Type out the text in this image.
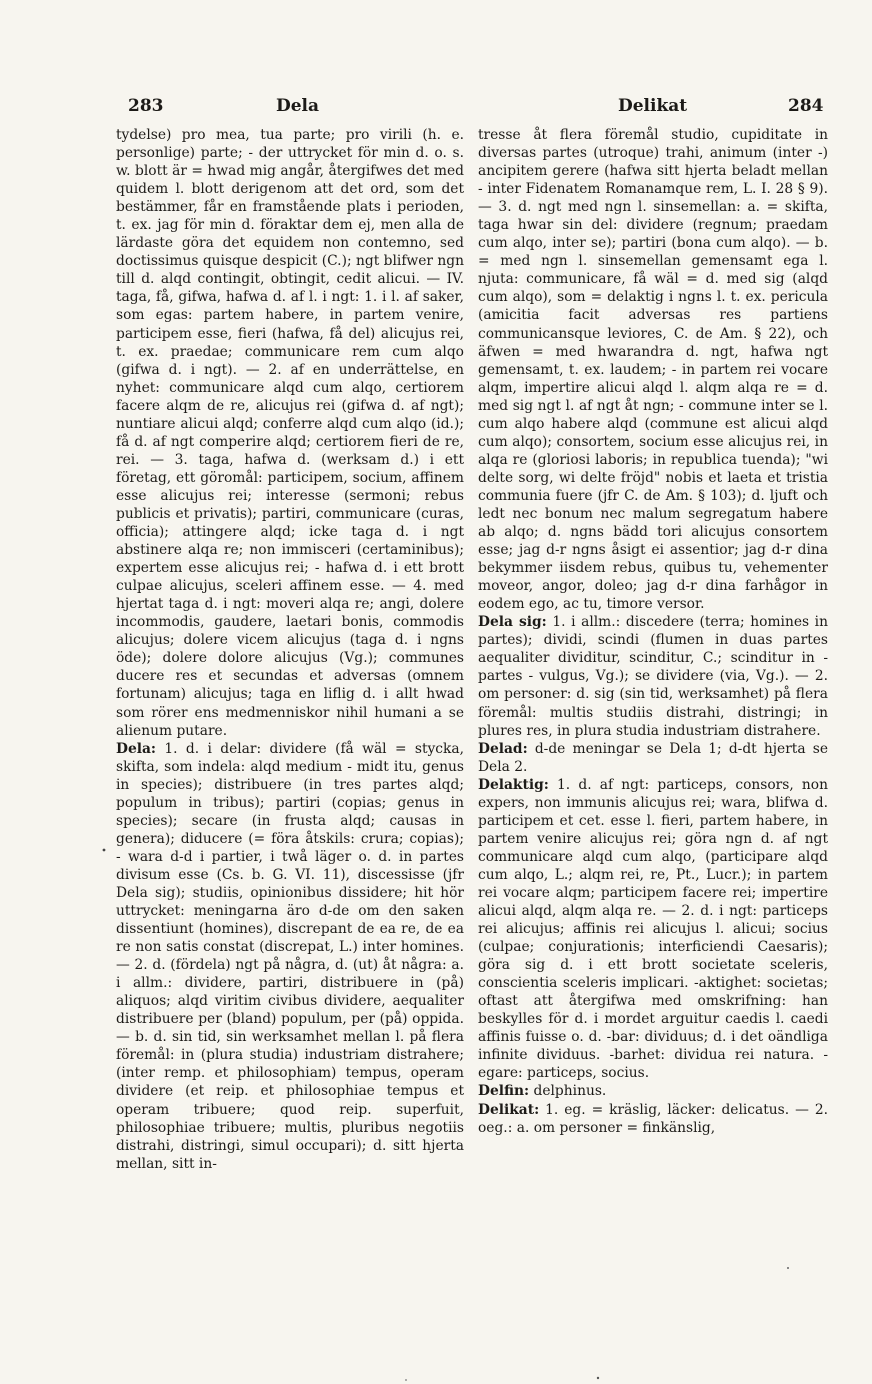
283	Dela	Delikat	284

tydelse) pro mea, tua parte; pro virili (h. e. personlige) parte; - der uttrycket för min d. o. s. w. blott är = hwad mig angår, återgifwes det med quidem l. blott derigenom att det ord, som det bestämmer, får en framstående plats i perioden, t. ex. jag för min d. föraktar dem ej, men alla de lärdaste göra det equidem non contemno, sed doctissimus quisque despicit (C.); ngt blifwer ngn till d. alqd contingit, obtingit, cedit alicui. — IV. taga, få, gifwa, hafwa d. af l. i ngt: 1. i l. af saker, som egas: partem habere, in partem venire, participem esse, fieri (hafwa, få del) alicujus rei, t. ex. praedae; communicare rem cum alqo (gifwa d. i ngt). — 2. af en underrättelse, en nyhet: communicare alqd cum alqo, certiorem facere alqm de re, alicujus rei (gifwa d. af ngt); nuntiare alicui alqd; conferre alqd cum alqo (id.); få d. af ngt comperire alqd; certiorem fieri de re, rei. — 3. taga, hafwa d. (werksam d.) i ett företag, ett göromål: participem, socium, affinem esse alicujus rei; interesse (sermoni; rebus publicis et privatis); partiri, communicare (curas, officia); attingere alqd; icke taga d. i ngt abstinere alqa re; non immisceri (certaminibus); expertem esse alicujus rei; - hafwa d. i ett brott culpae alicujus, sceleri affinem esse. — 4. med hjertat taga d. i ngt: moveri alqa re; angi, dolere incommodis, gaudere, laetari bonis, commodis alicujus; dolere vicem alicujus (taga d. i ngns öde); dolere dolore alicujus (Vg.); communes ducere res et secundas et adversas (omnem fortunam) alicujus; taga en liflig d. i allt hwad som rörer ens medmenniskor nihil humani a se alienum putare.

Dela: 1. d. i delar: dividere (få wäl = stycka, skifta, som indela: alqd medium - midt itu, genus in species); distribuere (in tres partes alqd; populum in tribus); partiri (copias; genus in species); secare (in frusta alqd; causas in genera); diducere (= föra åtskils: crura; copias); - wara d-d i partier, i twå läger o. d. in partes divisum esse (Cs. b. G. VI. 11), discessisse (jfr Dela sig); studiis, opinionibus dissidere; hit hör uttrycket: meningarna äro d-de om den saken dissentiunt (homines), discrepant de ea re, de ea re non satis constat (discrepat, L.) inter homines. — 2. d. (fördela) ngt på några, d. (ut) åt några: a. i allm.: dividere, partiri, distribuere in (på) aliquos; alqd viritim civibus dividere, aequaliter distribuere per (bland) populum, per (på) oppida. — b. d. sin tid, sin werksamhet mellan l. på flera föremål: in (plura studia) industriam distrahere; (inter remp. et philosophiam) tempus, operam dividere (et reip. et philosophiae tempus et operam tribuere; quod reip. superfuit, philosophiae tribuere; multis, pluribus negotiis distrahi, distringi, simul occupari); d. sitt hjerta mellan, sitt in-

tresse åt flera föremål studio, cupiditate in diversas partes (utroque) trahi, animum (inter -) ancipitem gerere (hafwa sitt hjerta beladt mellan - inter Fidenatem Romanamque rem, L. I. 28 § 9). — 3. d. ngt med ngn l. sinsemellan: a. = skifta, taga hwar sin del: dividere (regnum; praedam cum alqo, inter se); partiri (bona cum alqo). — b. = med ngn l. sinsemellan gemensamt ega l. njuta: communicare, få wäl = d. med sig (alqd cum alqo), som = delaktig i ngns l. t. ex. pericula (amicitia facit adversas res partiens communicansque leviores, C. de Am. § 22), och äfwen = med hwarandra d. ngt, hafwa ngt gemensamt, t. ex. laudem; - in partem rei vocare alqm, impertire alicui alqd l. alqm alqa re = d. med sig ngt l. af ngt åt ngn; - commune inter se l. cum alqo habere alqd (commune est alicui alqd cum alqo); consortem, socium esse alicujus rei, in alqa re (gloriosi laboris; in republica tuenda); "wi delte sorg, wi delte fröjd" nobis et laeta et tristia communia fuere (jfr C. de Am. § 103); d. ljuft och ledt nec bonum nec malum segregatum habere ab alqo; d. ngns bädd tori alicujus consortem esse; jag d-r ngns åsigt ei assentior; jag d-r dina bekymmer iisdem rebus, quibus tu, vehementer moveor, angor, doleo; jag d-r dina farhågor in eodem ego, ac tu, timore versor.

Dela sig: 1. i allm.: discedere (terra; homines in partes); dividi, scindi (flumen in duas partes aequaliter dividitur, scinditur, C.; scinditur in - partes - vulgus, Vg.); se dividere (via, Vg.). — 2. om personer: d. sig (sin tid, werksamhet) på flera föremål: multis studiis distrahi, distringi; in plures res, in plura studia industriam distrahere.

Delad: d-de meningar se Dela 1; d-dt hjerta se Dela 2.

Delaktig: 1. d. af ngt: particeps, consors, non expers, non immunis alicujus rei; wara, blifwa d. participem et cet. esse l. fieri, partem habere, in partem venire alicujus rei; göra ngn d. af ngt communicare alqd cum alqo, (participare alqd cum alqo, L.; alqm rei, re, Pt., Lucr.); in partem rei vocare alqm; participem facere rei; impertire alicui alqd, alqm alqa re. — 2. d. i ngt: particeps rei alicujus; affinis rei alicujus l. alicui; socius (culpae; conjurationis; interficiendi Caesaris); göra sig d. i ett brott societate sceleris, conscientia sceleris implicari. -aktighet: societas; oftast att återgifwa med omskrifning: han beskylles för d. i mordet arguitur caedis l. caedi affinis fuisse o. d. -bar: dividuus; d. i det oändliga infinite dividuus. -barhet: dividua rei natura. -egare: particeps, socius.

Delfin: delphinus.

Delikat: 1. eg. = kräslig, läcker: delicatus. — 2. oeg.: a. om personer = finkänslig,
